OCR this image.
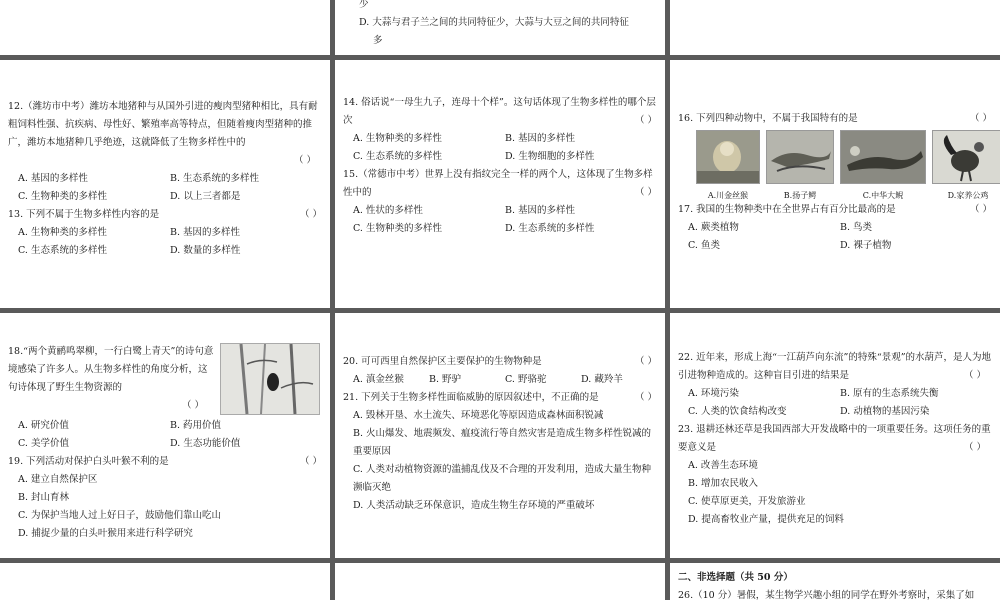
少

D. 大蒜与君子兰之间的共同特征少，大蒜与大豆之间的共同特征

多

12.（潍坊市中考）潍坊本地猪种与从国外引进的瘦肉型猪种相比，具有耐粗饲料性强、抗疾病、母性好、繁殖率高等特点，但随着瘦肉型猪种的推广，潍坊本地猪种几乎绝迹，这就降低了生物多样性中的

（ ）

A. 基因的多样性	B. 生态系统的多样性
C. 生物种类的多样性	D. 以上三者都是

13. 下列不属于生物多样性内容的是	（ ）

A. 生物种类的多样性	B. 基因的多样性
C. 生态系统的多样性	D. 数量的多样性

14. 俗话说“一母生九子，连母十个样”。这句话体现了生物多样性的哪个层次	（ ）

A. 生物种类的多样性	B. 基因的多样性
C. 生态系统的多样性	D. 生物细胞的多样性

15.（常德市中考）世界上没有指纹完全一样的两个人，这体现了生物多样性中的	（ ）

A. 性状的多样性	B. 基因的多样性
C. 生物种类的多样性	D. 生态系统的多样性

16. 下列四种动物中，不属于我国特有的是	（ ）

A.川金丝猴	B.扬子鳄	C.中华大鲵	D.家养公鸡

17. 我国的生物种类中在全世界占有百分比最高的是	（ ）

A. 蕨类植物	B. 鸟类
C. 鱼类	D. 裸子植物

18.“两个黄鹂鸣翠柳，一行白鹭上青天”的诗句意境感染了许多人。从生物多样性的角度分析，这句诗体现了野生生物资源的

（ ）

A. 研究价值	B. 药用价值
C. 美学价值	D. 生态功能价值

19. 下列活动对保护白头叶猴不利的是	（ ）

A. 建立自然保护区

B. 封山育林

C. 为保护当地人过上好日子，鼓励他们靠山吃山

D. 捕捉少量的白头叶猴用来进行科学研究

20. 可可西里自然保护区主要保护的生物物种是	（ ）

A. 滇金丝猴	B. 野驴	C. 野骆驼	D. 藏羚羊

21. 下列关于生物多样性面临威胁的原因叙述中，不正确的是	（ ）

A. 毁林开垦、水土流失、环境恶化等原因造成森林面积锐减

B. 火山爆发、地震频发、瘟疫流行等自然灾害是造成生物多样性锐减的重要原因

C. 人类对动植物资源的滥捕乱伐及不合理的开发利用，造成大量生物种濒临灭绝

D. 人类活动缺乏环保意识，造成生物生存环境的严重破坏

22. 近年来，形成上海“一江葫芦向东流”的特殊“景观”的水葫芦，是人为地引进物种造成的。这种盲目引进的结果是	（ ）

A. 环境污染	B. 原有的生态系统失衡
C. 人类的饮食结构改变	D. 动植物的基因污染

23. 退耕还林还草是我国西部大开发战略中的一项重要任务。这项任务的重要意义是	（ ）

A. 改善生态环境

B. 增加农民收入

C. 使草原更美，开发旅游业

D. 提高畜牧业产量，提供充足的饲料

二、非选择题（共 50 分）

26.（10 分）暑假，某生物学兴趣小组的同学在野外考察时，采集了如
